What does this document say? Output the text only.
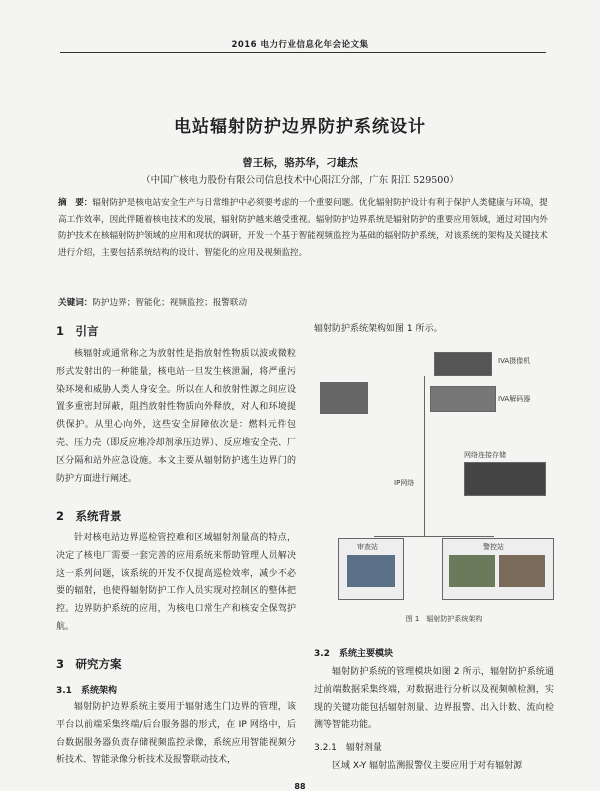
2016 电力行业信息化年会论文集
电站辐射防护边界防护系统设计
曾王标，骆苏华，刁雄杰
（中国广核电力股份有限公司信息技术中心阳江分部，广东 阳江 529500）
摘　要：辐射防护是核电站安全生产与日常维护中必须要考虑的一个重要问题。优化辐射防护设计有利于保护人类健康与环境，提高工作效率，因此伴随着核电技术的发展，辐射防护越来越受重视。辐射防护边界系统是辐射防护的重要应用领域，通过对国内外防护技术在核辐射防护领域的应用和现状的调研，开发一个基于智能视频监控为基础的辐射防护系统，对该系统的架构及关键技术进行介绍，主要包括系统结构的设计、智能化的应用及视频监控。
关键词：防护边界；智能化；视频监控；报警联动
1　引言
核辐射或通常称之为放射性是指放射性物质以波或微粒形式发射出的一种能量，核电站一旦发生核泄漏，将严重污染环境和威胁人类人身安全。所以在人和放射性源之间应设置多重密封屏蔽，阻挡放射性物质向外释放，对人和环境提供保护。从里心向外，这些安全屏障依次是：燃料元件包壳、压力壳（即反应堆冷却剂承压边界）、反应堆安全壳、厂区分隔和站外应急设施。本文主要从辐射防护逃生边界门的防护方面进行阐述。
2　系统背景
针对核电站边界巡检管控难和区域辐射剂量高的特点，决定了核电厂需要一套完善的应用系统来帮助管理人员解决这一系列问题，该系统的开发不仅提高巡检效率，减少不必要的辐射，也使得辐射防护工作人员实现对控制区的整体把控。边界防护系统的应用，为核电口常生产和核安全保驾护航。
3　研究方案
3.1　系统架构
辐射防护边界系统主要用于辐射逃生门边界的管理，该平台以前端采集终端/后台服务器的形式，在 IP 网络中，后台数据服务器负责存储视频监控录像，系统应用智能视频分析技术、智能录像分析技术及报警联动技术，
辐射防护系统架构如图 1 所示。
IVA摄像机
IVA解码器
网络连接存储
IP网络
审查站	警控站
图 1　辐射防护系统架构
3.2　系统主要模块
辐射防护系统的管理模块如图 2 所示，辐射防护系统通过前端数据采集终端，对数据进行分析以及视频帧检测，实现的关键功能包括辐射剂量、边界报警、出入计数、流向检测等智能功能。
3.2.1　辐射剂量
区域 X-Y 辐射监测报警仪主要应用于对有辐射源
88
